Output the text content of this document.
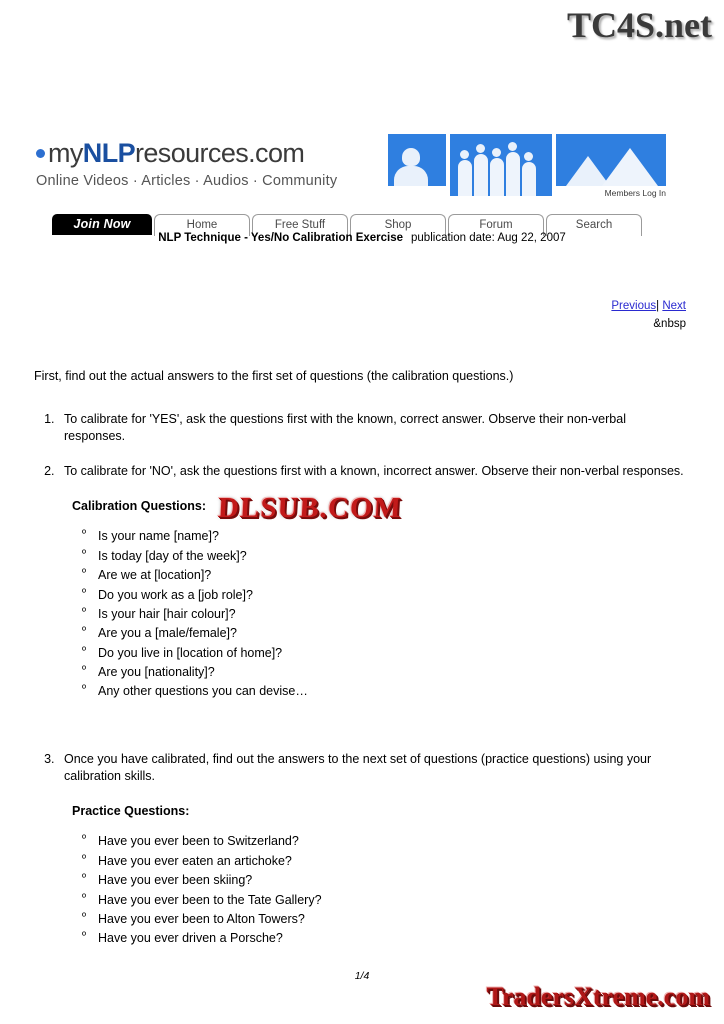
TC4S.net
myNLPresources.com
Online Videos · Articles · Audios · Community
Members Log In
Join Now	Home	Free Stuff	Shop	Forum	Search
NLP Technique - Yes/No Calibration Exercise publication date: Aug 22, 2007
Previous| Next
&nbsp

First, find out the actual answers to the first set of questions (the calibration questions.)

1. To calibrate for 'YES', ask the questions first with the known, correct answer. Observe their non-verbal responses.
2. To calibrate for 'NO', ask the questions first with a known, incorrect answer. Observe their non-verbal responses.
Calibration Questions:
º Is your name [name]?
º Is today [day of the week]?
º Are we at [location]?
º Do you work as a [job role]?
º Is your hair [hair colour]?
º Are you a [male/female]?
º Do you live in [location of home]?
º Are you [nationality]?
º Any other questions you can devise…
3. Once you have calibrated, find out the answers to the next set of questions (practice questions) using your calibration skills.
Practice Questions:
º Have you ever been to Switzerland?
º Have you ever eaten an artichoke?
º Have you ever been skiing?
º Have you ever been to the Tate Gallery?
º Have you ever been to Alton Towers?
º Have you ever driven a Porsche?
DLSUB.COM
1/4
TradersXtreme.com
